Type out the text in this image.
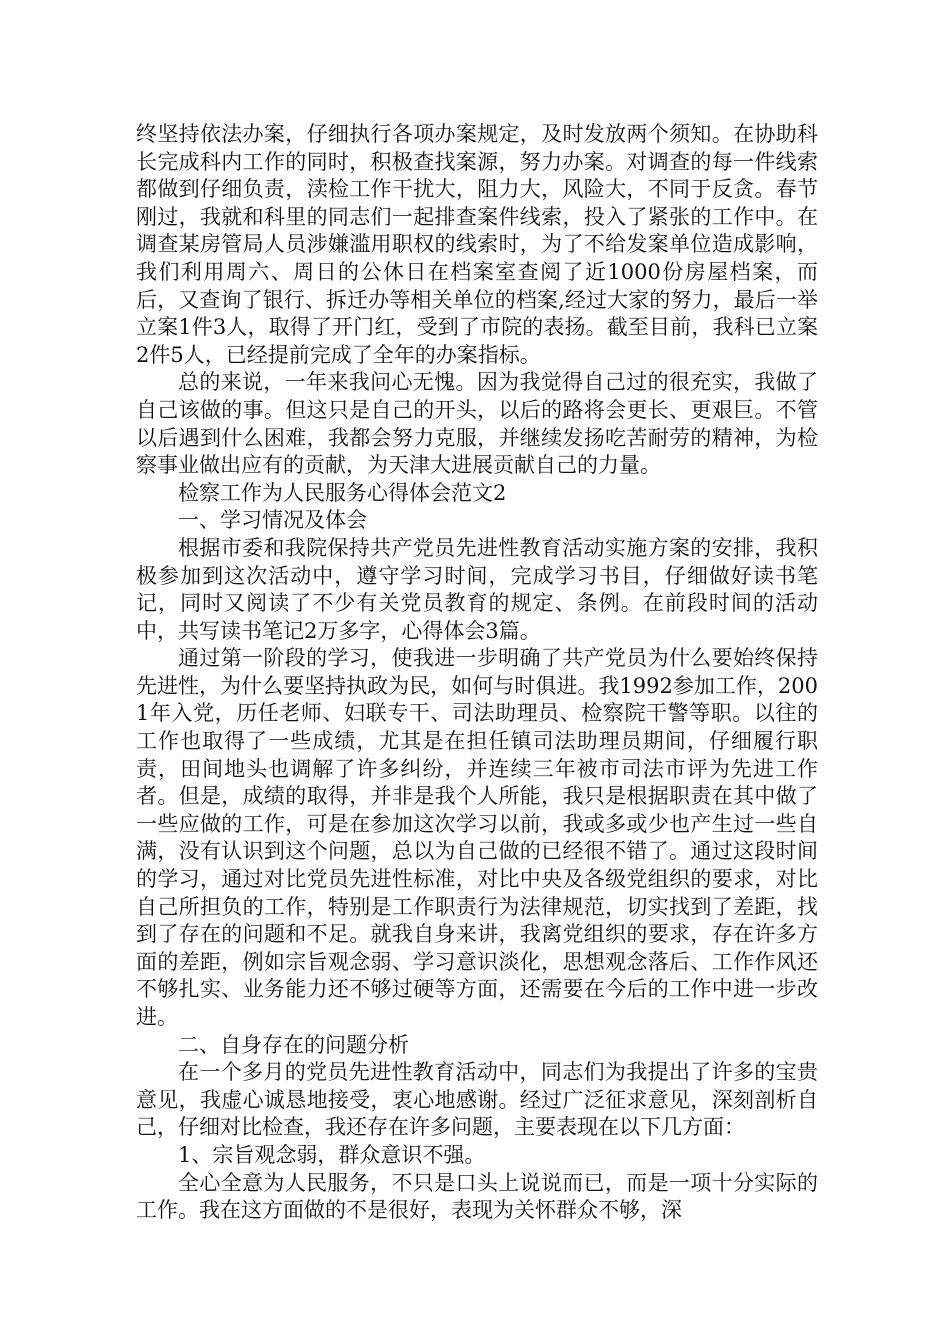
终坚持依法办案，仔细执行各项办案规定，及时发放两个须知。在协助科长完成科内工作的同时，积极查找案源，努力办案。对调查的每一件线索都做到仔细负责，渎检工作干扰大，阻力大，风险大，不同于反贪。春节刚过，我就和科里的同志们一起排查案件线索，投入了紧张的工作中。在调查某房管局人员涉嫌滥用职权的线索时，为了不给发案单位造成影响，我们利用周六、周日的公休日在档案室查阅了近1000份房屋档案，而后，又查询了银行、拆迁办等相关单位的档案,经过大家的努力，最后一举立案1件3人，取得了开门红，受到了市院的表扬。截至目前，我科已立案2件5人，已经提前完成了全年的办案指标。

总的来说，一年来我问心无愧。因为我觉得自己过的很充实，我做了自己该做的事。但这只是自己的开头，以后的路将会更长、更艰巨。不管以后遇到什么困难，我都会努力克服，并继续发扬吃苦耐劳的精神，为检察事业做出应有的贡献，为天津大进展贡献自己的力量。

检察工作为人民服务心得体会范文2

一、学习情况及体会

根据市委和我院保持共产党员先进性教育活动实施方案的安排，我积极参加到这次活动中，遵守学习时间，完成学习书目，仔细做好读书笔记，同时又阅读了不少有关党员教育的规定、条例。在前段时间的活动中，共写读书笔记2万多字，心得体会3篇。

通过第一阶段的学习，使我进一步明确了共产党员为什么要始终保持先进性，为什么要坚持执政为民，如何与时俱进。我1992参加工作，2001年入党，历任老师、妇联专干、司法助理员、检察院干警等职。以往的工作也取得了一些成绩，尤其是在担任镇司法助理员期间，仔细履行职责，田间地头也调解了许多纠纷，并连续三年被市司法市评为先进工作者。但是，成绩的取得，并非是我个人所能，我只是根据职责在其中做了一些应做的工作，可是在参加这次学习以前，我或多或少也产生过一些自满，没有认识到这个问题，总以为自己做的已经很不错了。通过这段时间的学习，通过对比党员先进性标准，对比中央及各级党组织的要求，对比自己所担负的工作，特别是工作职责行为法律规范，切实找到了差距，找到了存在的问题和不足。就我自身来讲，我离党组织的要求，存在许多方面的差距，例如宗旨观念弱、学习意识淡化，思想观念落后、工作作风还不够扎实、业务能力还不够过硬等方面，还需要在今后的工作中进一步改进。

二、自身存在的问题分析

在一个多月的党员先进性教育活动中，同志们为我提出了许多的宝贵意见，我虚心诚恳地接受，衷心地感谢。经过广泛征求意见，深刻剖析自己，仔细对比检查，我还存在许多问题，主要表现在以下几方面：

1、宗旨观念弱，群众意识不强。

全心全意为人民服务，不只是口头上说说而已，而是一项十分实际的工作。我在这方面做的不是很好，表现为关怀群众不够，深
